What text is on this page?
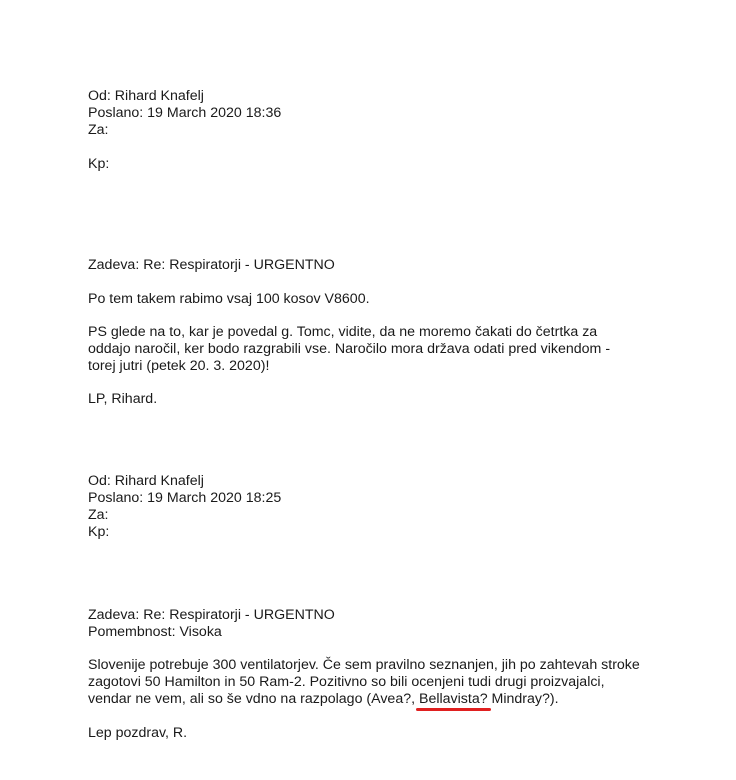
Od: Rihard Knafelj
Poslano: 19 March 2020 18:36
Za:
Kp:
Zadeva: Re: Respiratorji - URGENTNO
Po tem takem rabimo vsaj 100 kosov V8600.
PS glede na to, kar je povedal g. Tomc, vidite, da ne moremo čakati do četrtka za
oddajo naročil, ker bodo razgrabili vse. Naročilo mora država odati pred vikendom -
torej jutri (petek 20. 3. 2020)!
LP, Rihard.
Od: Rihard Knafelj
Poslano: 19 March 2020 18:25
Za:
Kp:
Zadeva: Re: Respiratorji - URGENTNO
Pomembnost: Visoka
Slovenije potrebuje 300 ventilatorjev. Če sem pravilno seznanjen, jih po zahtevah stroke
zagotovi 50 Hamilton in 50 Ram-2. Pozitivno so bili ocenjeni tudi drugi proizvajalci,
vendar ne vem, ali so še vdno na razpolago (Avea?, Bellavista?
Mindray?).
Lep pozdrav, R.
